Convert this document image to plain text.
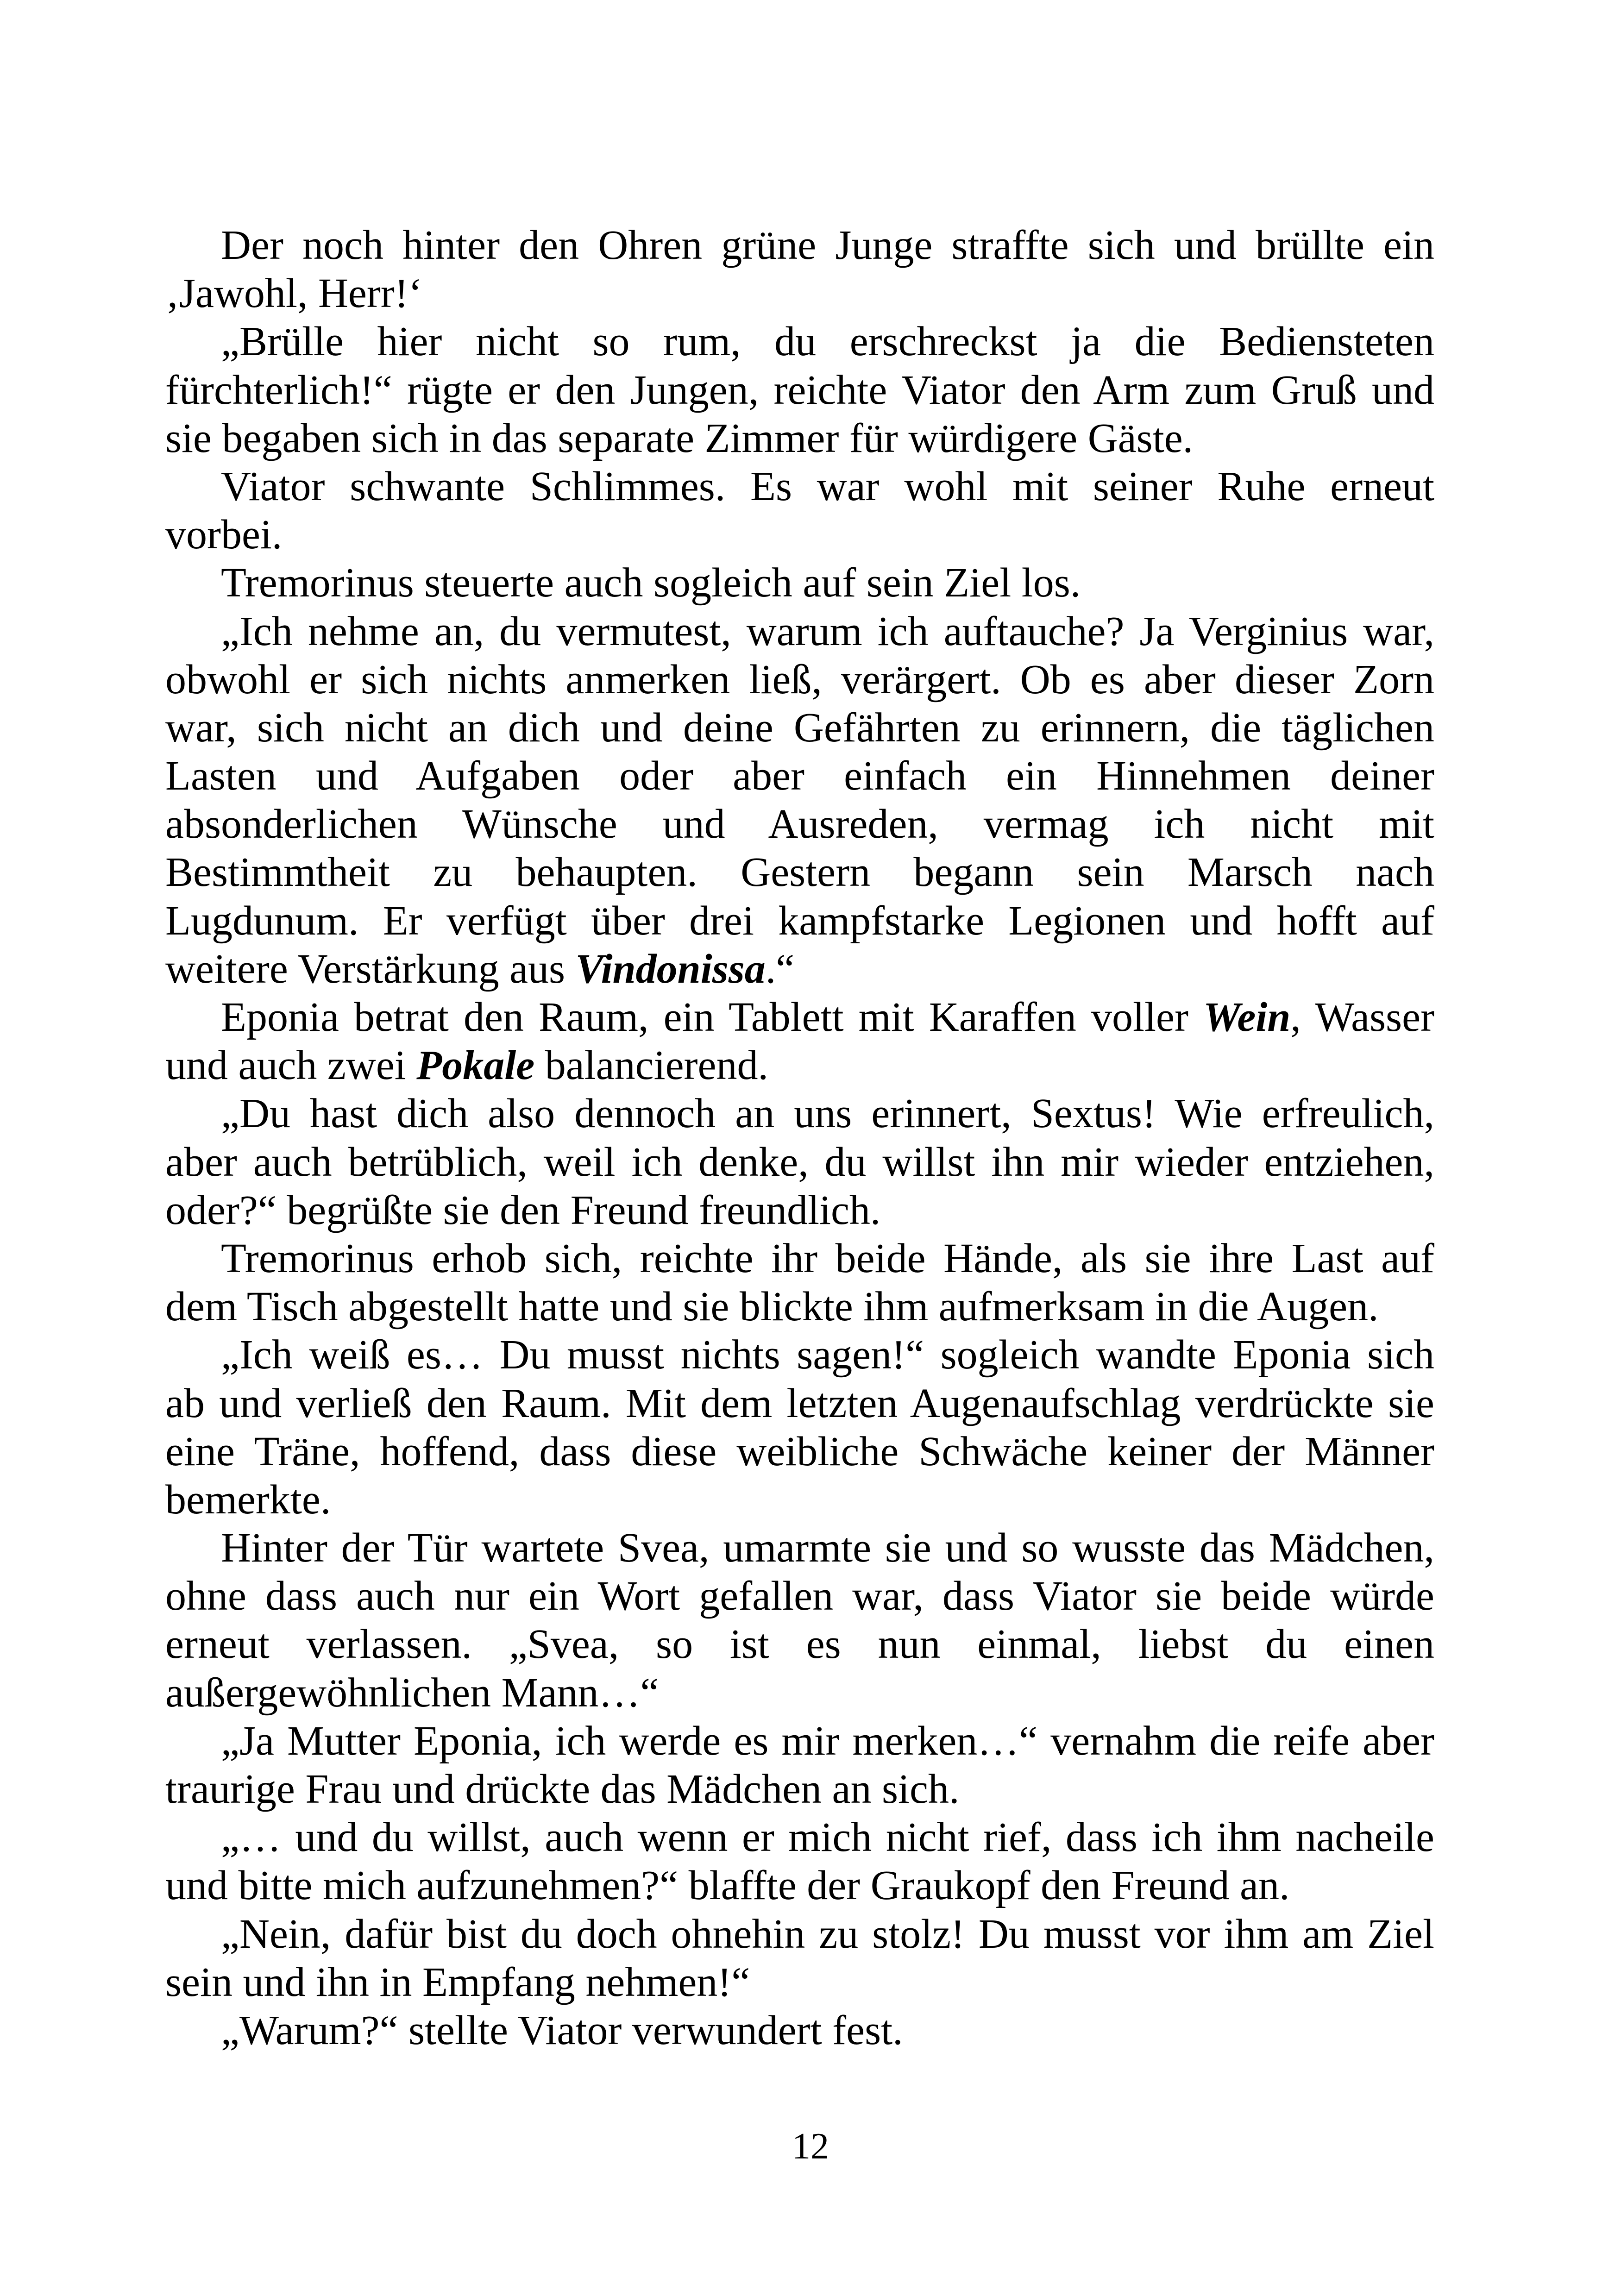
Der noch hinter den Ohren grüne Junge straffte sich und brüllte ein
‚Jawohl, Herr!‘
„Brülle hier nicht so rum, du erschreckst ja die Bediensteten
fürchterlich!“ rügte er den Jungen, reichte Viator den Arm zum Gruß und
sie begaben sich in das separate Zimmer für würdigere Gäste.
Viator schwante Schlimmes. Es war wohl mit seiner Ruhe erneut
vorbei.
Tremorinus steuerte auch sogleich auf sein Ziel los.
„Ich nehme an, du vermutest, warum ich auftauche? Ja Verginius war,
obwohl er sich nichts anmerken ließ, verärgert. Ob es aber dieser Zorn
war, sich nicht an dich und deine Gefährten zu erinnern, die täglichen
Lasten und Aufgaben oder aber einfach ein Hinnehmen deiner
absonderlichen Wünsche und Ausreden, vermag ich nicht mit
Bestimmtheit zu behaupten. Gestern begann sein Marsch nach
Lugdunum. Er verfügt über drei kampfstarke Legionen und hofft auf
weitere Verstärkung aus Vindonissa.“
Eponia betrat den Raum, ein Tablett mit Karaffen voller Wein, Wasser
und auch zwei Pokale balancierend.
„Du hast dich also dennoch an uns erinnert, Sextus! Wie erfreulich,
aber auch betrüblich, weil ich denke, du willst ihn mir wieder entziehen,
oder?“ begrüßte sie den Freund freundlich.
Tremorinus erhob sich, reichte ihr beide Hände, als sie ihre Last auf
dem Tisch abgestellt hatte und sie blickte ihm aufmerksam in die Augen.
„Ich weiß es… Du musst nichts sagen!“ sogleich wandte Eponia sich
ab und verließ den Raum. Mit dem letzten Augenaufschlag verdrückte sie
eine Träne, hoffend, dass diese weibliche Schwäche keiner der Männer
bemerkte.
Hinter der Tür wartete Svea, umarmte sie und so wusste das Mädchen,
ohne dass auch nur ein Wort gefallen war, dass Viator sie beide würde
erneut verlassen. „Svea, so ist es nun einmal, liebst du einen
außergewöhnlichen Mann…“
„Ja Mutter Eponia, ich werde es mir merken…“ vernahm die reife aber
traurige Frau und drückte das Mädchen an sich.
„… und du willst, auch wenn er mich nicht rief, dass ich ihm nacheile
und bitte mich aufzunehmen?“ blaffte der Graukopf den Freund an.
„Nein, dafür bist du doch ohnehin zu stolz! Du musst vor ihm am Ziel
sein und ihn in Empfang nehmen!“
„Warum?“ stellte Viator verwundert fest.
12
